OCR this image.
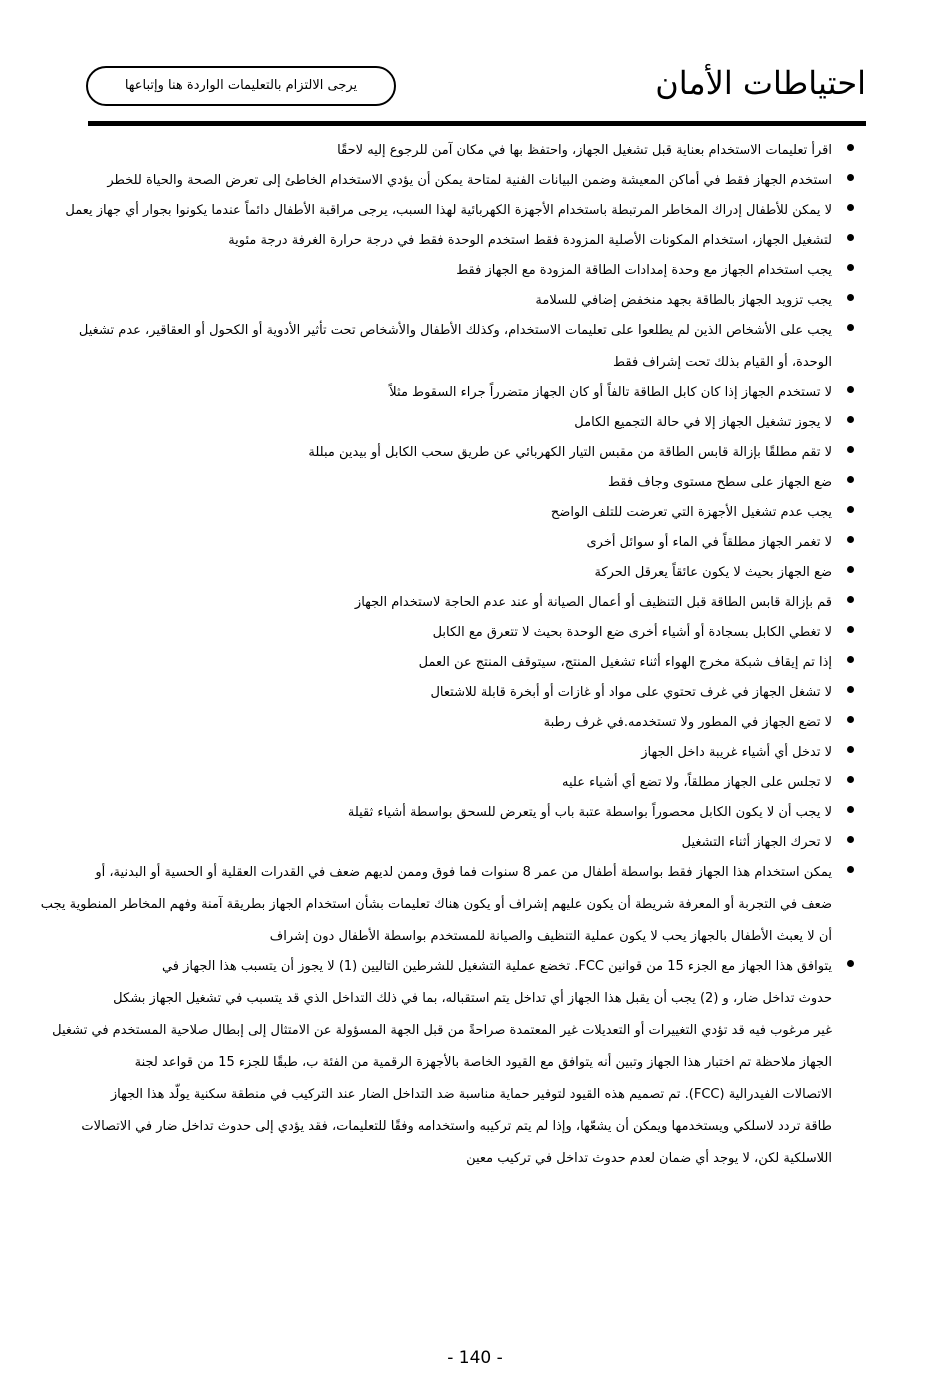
احتياطات الأمان
يرجى الالتزام بالتعليمات الواردة هنا وإتباعها
اقرأ تعليمات الاستخدام بعناية قبل تشغيل الجهاز، واحتفظ بها في مكان آمن للرجوع إليه لاحقًا
استخدم الجهاز فقط في أماكن المعيشة وضمن البيانات الفنية لمتاحة يمكن أن يؤدي الاستخدام الخاطئ إلى تعرض الصحة والحياة للخطر
لا يمكن للأطفال إدراك المخاطر المرتبطة باستخدام الأجهزة الكهربائية لهذا السبب، يرجى مراقبة الأطفال دائماً عندما يكونوا بجوار أي جهاز يعمل
لتشغيل الجهاز، استخدام المكونات الأصلية المزودة فقط استخدم الوحدة فقط في درجة حرارة الغرفة درجة مئوية
يجب استخدام الجهاز مع وحدة إمدادات الطاقة المزودة مع الجهاز فقط
يجب تزويد الجهاز بالطاقة بجهد منخفض إضافي للسلامة
يجب على الأشخاص الذين لم يطلعوا على تعليمات الاستخدام، وكذلك الأطفال والأشخاص تحت تأثير الأدوية أو الكحول أو العقاقير، عدم تشغيل
الوحدة، أو القيام بذلك تحت إشراف فقط
لا تستخدم الجهاز إذا كان كابل الطاقة تالفاً أو كان الجهاز متضرراً جراء السقوط مثلاً
لا يجوز تشغيل الجهاز إلا في حالة التجميع الكامل
لا تقم مطلقًا بإزالة قابس الطاقة من مقبس التيار الكهربائي عن طريق سحب الكابل أو بيدين مبللة
ضع الجهاز على سطح مستوى وجاف فقط
يجب عدم تشغيل الأجهزة التي تعرضت للتلف الواضح
لا تغمر الجهاز مطلقاً في الماء أو سوائل أخرى
ضع الجهاز بحيث لا يكون عائقاً يعرقل الحركة
قم بإزالة قابس الطاقة قبل التنظيف أو أعمال الصيانة أو عند عدم الحاجة لاستخدام الجهاز
لا تغطي الكابل بسجادة أو أشياء أخرى ضع الوحدة بحيث لا تتعرق مع الكابل
إذا تم إيقاف شبكة مخرج الهواء أثناء تشغيل المنتج، سيتوقف المنتج عن العمل
لا تشغل الجهاز في غرف تحتوي على مواد أو غازات أو أبخرة قابلة للاشتعال
لا تضع الجهاز في المطور ولا تستخدمه.في غرف رطبة
لا تدخل أي أشياء غريبة داخل الجهاز
لا تجلس على الجهاز مطلقاً، ولا تضع أي أشياء عليه
لا يجب أن لا يكون الكابل محصوراً بواسطة عتبة باب أو يتعرض للسحق بواسطة أشياء ثقيلة
لا تحرك الجهاز أثناء التشغيل
يمكن استخدام هذا الجهاز فقط بواسطة أطفال من عمر 8 سنوات فما فوق وممن لديهم ضعف في القدرات العقلية أو الحسية أو البدنية، أو
ضعف في التجربة أو المعرفة شريطة أن يكون عليهم إشراف أو يكون هناك تعليمات بشأن استخدام الجهاز بطريقة آمنة وفهم المخاطر المنطوية يجب
أن لا يعبث الأطفال بالجهاز يحب لا يكون عملية التنظيف والصيانة للمستخدم بواسطة الأطفال دون إشراف
يتوافق هذا الجهاز مع الجزء 15 من قوانين FCC. تخضع عملية التشغيل للشرطين التاليين (1) لا يجوز أن يتسبب هذا الجهاز في
حدوث تداخل ضار، و (2) يجب أن يقبل هذا الجهاز أي تداخل يتم استقباله، بما في ذلك التداخل الذي قد يتسبب في تشغيل الجهاز بشكل
غير مرغوب فيه قد تؤدي التغييرات أو التعديلات غير المعتمدة صراحةً من قبل الجهة المسؤولة عن الامتثال إلى إبطال صلاحية المستخدم في تشغيل
الجهاز ملاحظة تم اختبار هذا الجهاز وتبين أنه يتوافق مع القيود الخاصة بالأجهزة الرقمية من الفئة ب، طبقًا للجزء 15 من قواعد لجنة
الاتصالات الفيدرالية (FCC). تم تصميم هذه القيود لتوفير حماية مناسبة ضد التداخل الضار عند التركيب في منطقة سكنية يولّد هذا الجهاز
طاقة تردد لاسلكي ويستخدمها ويمكن أن يشعّها، وإذا لم يتم تركيبه واستخدامه وفقًا للتعليمات، فقد يؤدي إلى حدوث تداخل ضار في الاتصالات
اللاسلكية لكن، لا يوجد أي ضمان لعدم حدوث تداخل في تركيب معين
- 140 -
